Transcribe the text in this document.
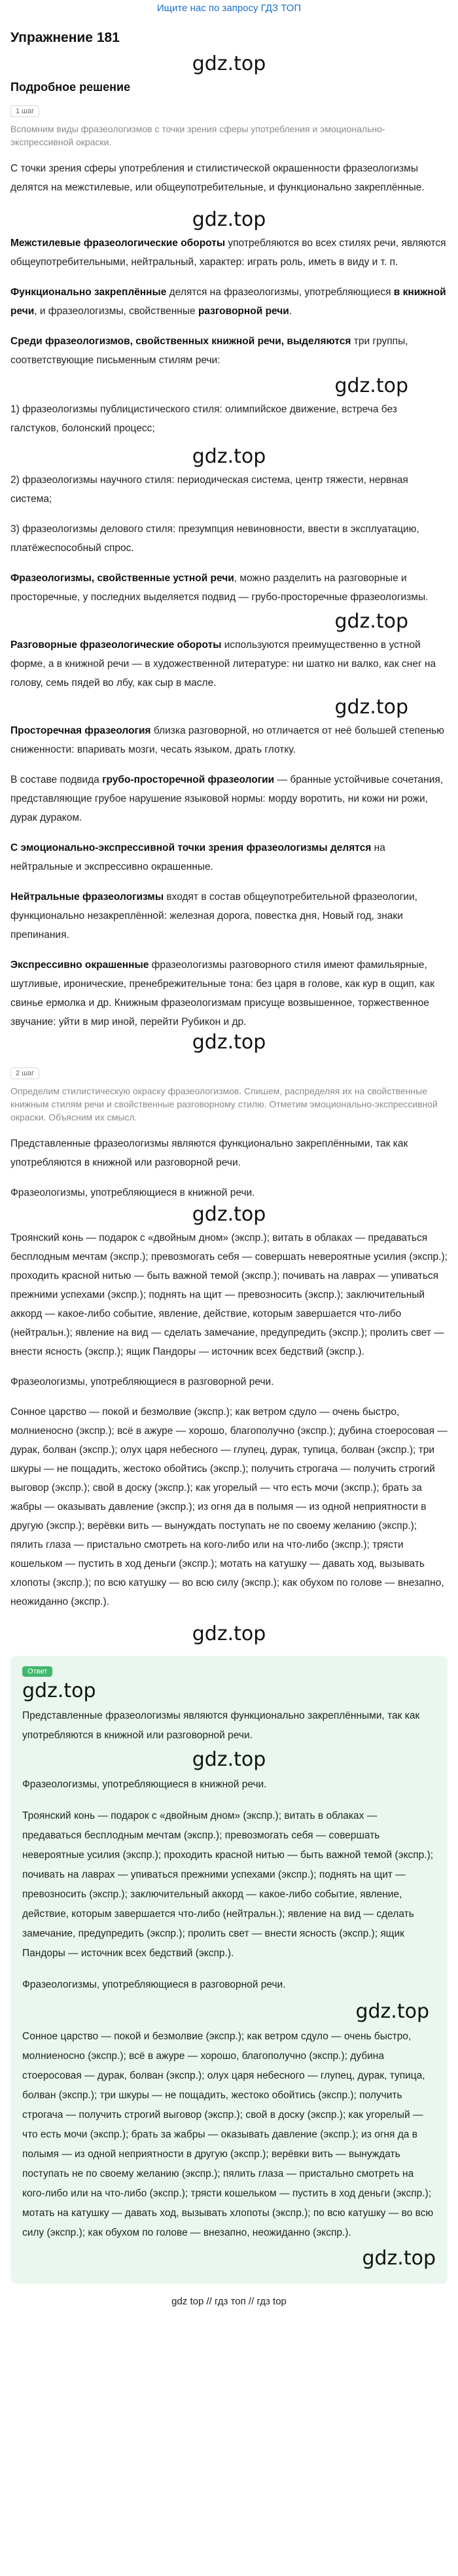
Ищите нас по запросу ГДЗ ТОП
Упражнение 181
gdz.top
Подробное решение
1 шаг

Вспомним виды фразеологизмов с точки зрения сферы употребления и эмоционально-экспрессивной окраски.

С точки зрения сферы употребления и стилистической окрашенности фразеологизмы делятся на межстилевые, или общеупотребительные, и функционально закреплённые.

gdz.top

Межстилевые фразеологические обороты употребляются во всех стилях речи, являются общеупотребительными, нейтральный, характер: играть роль, иметь в виду и т. п.

Функционально закреплённые делятся на фразеологизмы, употребляющиеся в книжной речи, и фразеологизмы, свойственные разговорной речи.

Среди фразеологизмов, свойственных книжной речи, выделяются три группы, соответствующие письменным стилям речи:

gdz.top

1) фразеологизмы публицистического стиля: олимпийское движение, встреча без галстуков, болонский процесс;

gdz.top

2) фразеологизмы научного стиля: периодическая система, центр тяжести, нервная система;

3) фразеологизмы делового стиля: презумпция невиновности, ввести в эксплуатацию, платёжеспособный спрос.

Фразеологизмы, свойственные устной речи, можно разделить на разговорные и просторечные, у последних выделяется подвид — грубо-просторечные фразеологизмы.

gdz.top

Разговорные фразеологические обороты используются преимущественно в устной форме, а в книжной речи — в художественной литературе: ни шатко ни валко, как снег на голову, семь пядей во лбу, как сыр в масле.

gdz.top

Просторечная фразеология близка разговорной, но отличается от неё большей степенью сниженности: впаривать мозги, чесать языком, драть глотку.

В составе подвида грубо-просторечной фразеологии — бранные устойчивые сочетания, представляющие грубое нарушение языковой нормы: морду воротить, ни кожи ни рожи, дурак дураком.

С эмоционально-экспрессивной точки зрения фразеологизмы делятся на нейтральные и экспрессивно окрашенные.

Нейтральные фразеологизмы входят в состав общеупотребительной фразеологии, функционально незакреплённой: железная дорога, повестка дня, Новый год, знаки препинания.

Экспрессивно окрашенные фразеологизмы разговорного стиля имеют фамильярные, шутливые, иронические, пренебрежительные тона: без царя в голове, как кур в ощип, как свинье ермолка и др. Книжным фразеологизмам присуще возвышенное, торжественное звучание: уйти в мир иной, перейти Рубикон и др.

gdz.top
2 шаг

Определим стилистическую окраску фразеологизмов. Спишем, распределяя их на свойственные книжным стилям речи и свойственные разговорному стилю. Отметим эмоционально-экспрессивной окраски. Объясним их смысл.

Представленные фразеологизмы являются функционально закреплёнными, так как употребляются в книжной или разговорной речи.

Фразеологизмы, употребляющиеся в книжной речи.

gdz.top

Троянский конь — подарок с «двойным дном» (экспр.); витать в облаках — предаваться бесплодным мечтам (экспр.); превозмогать себя — совершать невероятные усилия (экспр.); проходить красной нитью — быть важной темой (экспр.); почивать на лаврах — упиваться прежними успехами (экспр.); поднять на щит — превозносить (экспр.); заключительный аккорд — какое-либо событие, явление, действие, которым завершается что-либо (нейтральн.); явление на вид — сделать замечание, предупредить (экспр.); пролить свет — внести ясность (экспр.); ящик Пандоры — источник всех бедствий (экспр.).

Фразеологизмы, употребляющиеся в разговорной речи.

Сонное царство — покой и безмолвие (экспр.); как ветром сдуло — очень быстро, молниеносно (экспр.); всё в ажуре — хорошо, благополучно (экспр.); дубина стоеросовая — дурак, болван (экспр.); олух царя небесного — глупец, дурак, тупица, болван (экспр.); три шкуры — не пощадить, жестоко обойтись (экспр.); получить строгача — получить строгий выговор (экспр.); свой в доску (экспр.); как угорелый — что есть мочи (экспр.); брать за жабры — оказывать давление (экспр.); из огня да в полымя — из одной неприятности в другую (экспр.); верёвки вить — вынуждать поступать не по своему желанию (экспр.); пялить глаза — пристально смотреть на кого-либо или на что-либо (экспр.); трясти кошельком — пустить в ход деньги (экспр.); мотать на катушку — давать ход, вызывать хлопоты (экспр.); по всю катушку — во всю силу (экспр.); как обухом по голове — внезапно, неожиданно (экспр.).

gdz.top
Ответ
gdz.top

Представленные фразеологизмы являются функционально закреплёнными, так как употребляются в книжной или разговорной речи.

gdz.top

Фразеологизмы, употребляющиеся в книжной речи.

Троянский конь — подарок с «двойным дном» (экспр.); витать в облаках — предаваться бесплодным мечтам (экспр.); превозмогать себя — совершать невероятные усилия (экспр.); проходить красной нитью — быть важной темой (экспр.); почивать на лаврах — упиваться прежними успехами (экспр.); поднять на щит — превозносить (экспр.); заключительный аккорд — какое-либо событие, явление, действие, которым завершается что-либо (нейтральн.); явление на вид — сделать замечание, предупредить (экспр.); пролить свет — внести ясность (экспр.); ящик Пандоры — источник всех бедствий (экспр.).

Фразеологизмы, употребляющиеся в разговорной речи.

gdz.top

Сонное царство — покой и безмолвие (экспр.); как ветром сдуло — очень быстро, молниеносно (экспр.); всё в ажуре — хорошо, благополучно (экспр.); дубина стоеросовая — дурак, болван (экспр.); олух царя небесного — глупец, дурак, тупица, болван (экспр.); три шкуры — не пощадить, жестоко обойтись (экспр.); получить строгача — получить строгий выговор (экспр.); свой в доску (экспр.); как угорелый — что есть мочи (экспр.); брать за жабры — оказывать давление (экспр.); из огня да в полымя — из одной неприятности в другую (экспр.); верёвки вить — вынуждать поступать не по своему желанию (экспр.); пялить глаза — пристально смотреть на кого-либо или на что-либо (экспр.); трясти кошельком — пустить в ход деньги (экспр.); мотать на катушку — давать ход, вызывать хлопоты (экспр.); по всю катушку — во всю силу (экспр.); как обухом по голове — внезапно, неожиданно (экспр.).

gdz.top
gdz top // гдз топ // гдз top
